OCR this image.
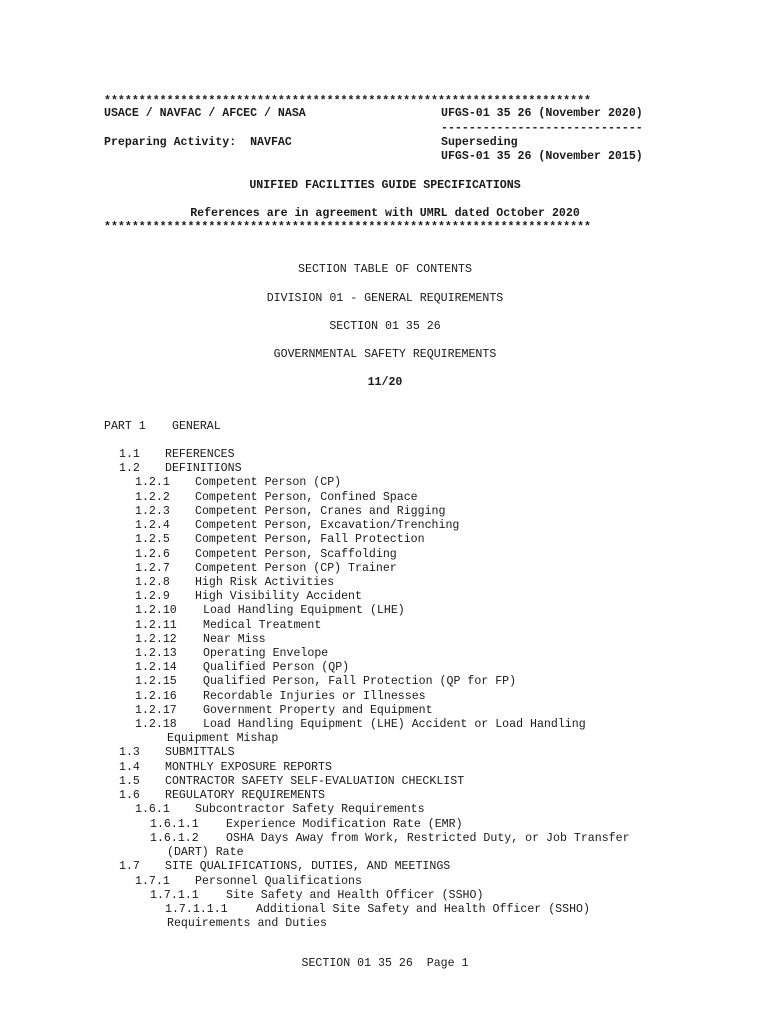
**********************************************************************
USACE / NAVFAC / AFCEC / NASA	UFGS-01 35 26 (November 2020)
-----------------------------
Preparing Activity:  NAVFAC	Superseding
UFGS-01 35 26 (November 2015)
UNIFIED FACILITIES GUIDE SPECIFICATIONS
References are in agreement with UMRL dated October 2020
**********************************************************************
SECTION TABLE OF CONTENTS
DIVISION 01 - GENERAL REQUIREMENTS
SECTION 01 35 26
GOVERNMENTAL SAFETY REQUIREMENTS
11/20
PART 1 GENERAL
1.1 REFERENCES
1.2 DEFINITIONS
1.2.1 Competent Person (CP)
1.2.2 Competent Person, Confined Space
1.2.3 Competent Person, Cranes and Rigging
1.2.4 Competent Person, Excavation/Trenching
1.2.5 Competent Person, Fall Protection
1.2.6 Competent Person, Scaffolding
1.2.7 Competent Person (CP) Trainer
1.2.8 High Risk Activities
1.2.9 High Visibility Accident
1.2.10 Load Handling Equipment (LHE)
1.2.11 Medical Treatment
1.2.12 Near Miss
1.2.13 Operating Envelope
1.2.14 Qualified Person (QP)
1.2.15 Qualified Person, Fall Protection (QP for FP)
1.2.16 Recordable Injuries or Illnesses
1.2.17 Government Property and Equipment
1.2.18 Load Handling Equipment (LHE) Accident or Load Handling
Equipment Mishap
1.3 SUBMITTALS
1.4 MONTHLY EXPOSURE REPORTS
1.5 CONTRACTOR SAFETY SELF-EVALUATION CHECKLIST
1.6 REGULATORY REQUIREMENTS
1.6.1 Subcontractor Safety Requirements
1.6.1.1 Experience Modification Rate (EMR)
1.6.1.2 OSHA Days Away from Work, Restricted Duty, or Job Transfer
(DART) Rate
1.7 SITE QUALIFICATIONS, DUTIES, AND MEETINGS
1.7.1 Personnel Qualifications
1.7.1.1 Site Safety and Health Officer (SSHO)
1.7.1.1.1 Additional Site Safety and Health Officer (SSHO)
Requirements and Duties
SECTION 01 35 26  Page 1
